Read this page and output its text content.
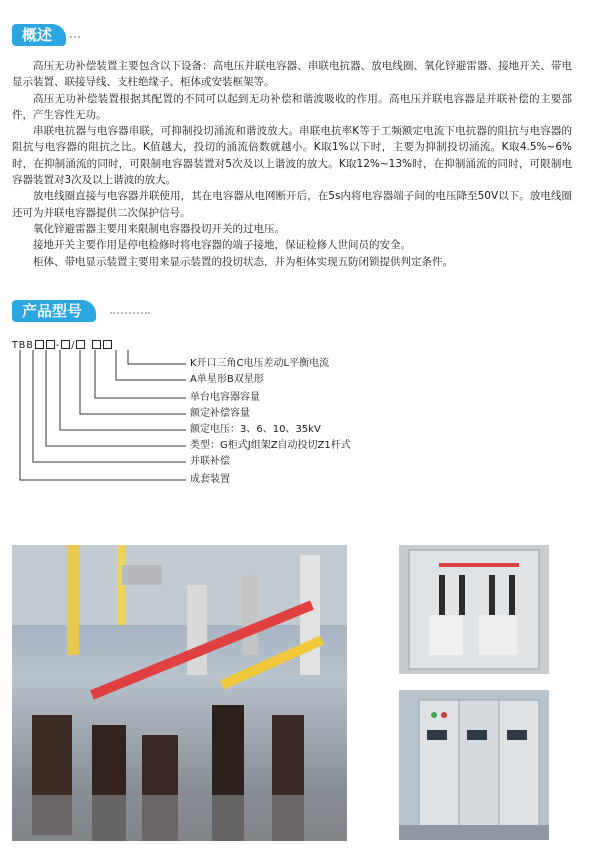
概述

高压无功补偿装置主要包含以下设备：高电压并联电容器、串联电抗器、放电线圈、氧化锌避雷器、接地开关、带电显示装置、联接导线、支柱绝缘子、柜体或安装框架等。

高压无功补偿装置根据其配置的不同可以起到无功补偿和谐波吸收的作用。高电压并联电容器是并联补偿的主要部件，产生容性无功。

串联电抗器与电容器串联，可抑制投切涌流和谐波放大。串联电抗率K等于工频额定电流下电抗器的阻抗与电容器的阻抗与电容器的阻抗之比。K值越大，投切的涌流倍数就越小。K取1%以下时，主要为抑制投切涌流。K取4.5%~6%时，在抑制涌流的同时，可限制电容器装置对5次及以上谐波的放大。K取12%~13%时，在抑制涌流的同时，可限制电容器装置对3次及以上谐波的放大。

放电线圈直接与电容器并联使用，其在电容器从电网断开后，在5s内将电容器端子间的电压降至50V以下。放电线圈还可为并联电容器提供二次保护信号。

氧化锌避雷器主要用来限制电容器投切开关的过电压。

接地开关主要作用是停电检修时将电容器的端子接地，保证检修人世间员的安全。

柜体、带电显示装置主要用来显示装置的投切状态，并为柜体实现五防闭锁提供判定条件。

产品型号
TBB - /
K开口三角C电压差动L平衡电流
A单星形B双星形
单台电容器容量
额定补偿容量
额定电压：3、6、10、35kV
类型：G柜式J组架Z自动投切Z1杆式
并联补偿
成套装置
